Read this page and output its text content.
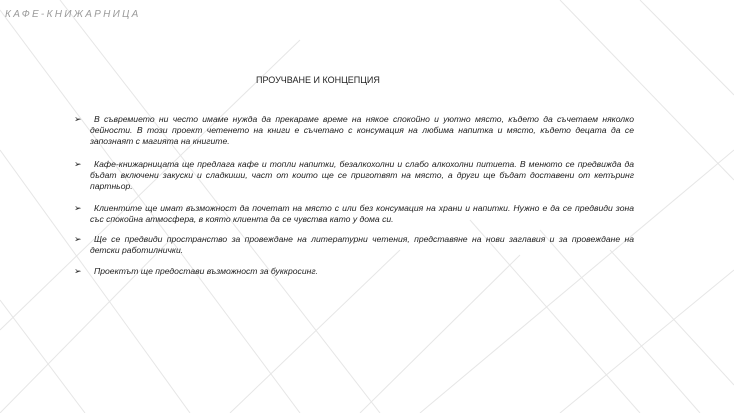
КАФЕ-КНИЖАРНИЦА
ПРОУЧВАНЕ И КОНЦЕПЦИЯ
➢	В съвремието ни често имаме нужда да прекараме време на някое спокойно и уютно място, където да съчетаем няколко дейности. В този проект четенето на книги е съчетано с консумация на любима напитка и място, където децата да се запознаят с магията на книгите.
➢	Кафе-книжарницата ще предлага кафе и топли напитки, безалкохолни и слабо алкохолни питиета. В менюто се предвижда да бъдат включени закуски и сладкиши, част от които ще се приготвят на място, а други ще бъдат доставени от кетъринг партньор.
➢	Клиентите ще имат възможност да почетат на място с или без консумация на храни и напитки. Нужно е да се предвиди зона със спокойна атмосфера, в която клиента да се чувства като у дома си.
➢	Ще се предвиди пространство за провеждане на литературни четения, представяне на нови заглавия и за провеждане на детски работилнички.
➢	Проектът ще предостави възможност за буккросинг.
